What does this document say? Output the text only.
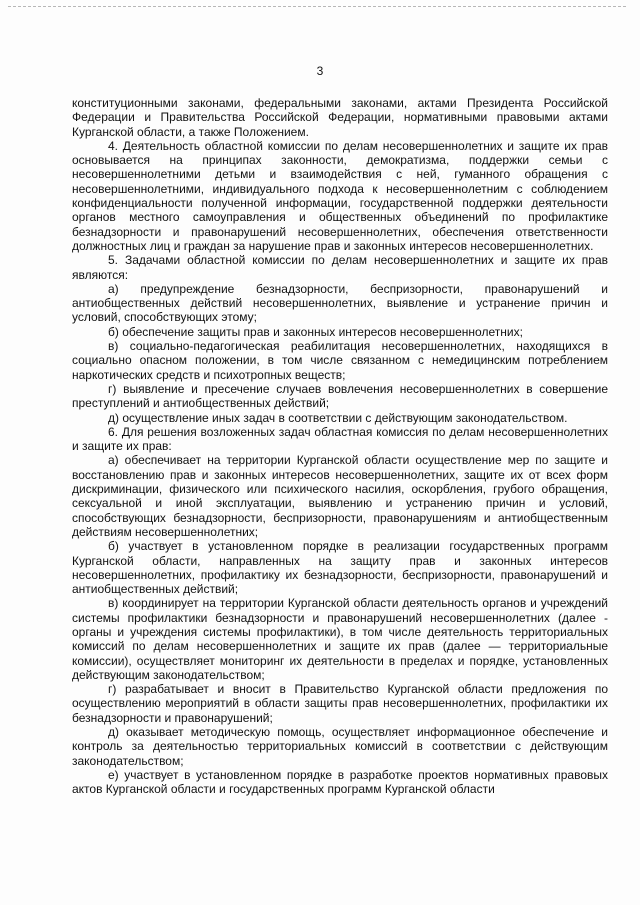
3

конституционными законами, федеральными законами, актами Президента Российской Федерации и Правительства Российской Федерации, нормативными правовыми актами Курганской области, а также Положением.

4. Деятельность областной комиссии по делам несовершеннолетних и защите их прав основывается на принципах законности, демократизма, поддержки семьи с несовершеннолетними детьми и взаимодействия с ней, гуманного обращения с несовершеннолетними, индивидуального подхода к несовершеннолетним с соблюдением конфиденциальности полученной информации, государственной поддержки деятельности органов местного самоуправления и общественных объединений по профилактике безнадзорности и правонарушений несовершеннолетних, обеспечения ответственности должностных лиц и граждан за нарушение прав и законных интересов несовершеннолетних.

5. Задачами областной комиссии по делам несовершеннолетних и защите их прав являются:

а) предупреждение безнадзорности, беспризорности, правонарушений и антиобщественных действий несовершеннолетних, выявление и устранение причин и условий, способствующих этому;

б) обеспечение защиты прав и законных интересов несовершеннолетних;

в) социально-педагогическая реабилитация несовершеннолетних, находящихся в социально опасном положении, в том числе связанном с немедицинским потреблением наркотических средств и психотропных веществ;

г) выявление и пресечение случаев вовлечения несовершеннолетних в совершение преступлений и антиобщественных действий;

д) осуществление иных задач в соответствии с действующим законодательством.

6. Для решения возложенных задач областная комиссия по делам несовершеннолетних и защите их прав:

а) обеспечивает на территории Курганской области осуществление мер по защите и восстановлению прав и законных интересов несовершеннолетних, защите их от всех форм дискриминации, физического или психического насилия, оскорбления, грубого обращения, сексуальной и иной эксплуатации, выявлению и устранению причин и условий, способствующих безнадзорности, беспризорности, правонарушениям и антиобщественным действиям несовершеннолетних;

б) участвует в установленном порядке в реализации государственных программ Курганской области, направленных на защиту прав и законных интересов несовершеннолетних, профилактику их безнадзорности, беспризорности, правонарушений и антиобщественных действий;

в) координирует на территории Курганской области деятельность органов и учреждений системы профилактики безнадзорности и правонарушений несовершеннолетних (далее - органы и учреждения системы профилактики), в том числе деятельность территориальных комиссий по делам несовершеннолетних и защите их прав (далее — территориальные комиссии), осуществляет мониторинг их деятельности в пределах и порядке, установленных действующим законодательством;

г) разрабатывает и вносит в Правительство Курганской области предложения по осуществлению мероприятий в области защиты прав несовершеннолетних, профилактики их безнадзорности и правонарушений;

д) оказывает методическую помощь, осуществляет информационное обеспечение и контроль за деятельностью территориальных комиссий в соответствии с действующим законодательством;

е) участвует в установленном порядке в разработке проектов нормативных правовых актов Курганской области и государственных программ Курганской области
